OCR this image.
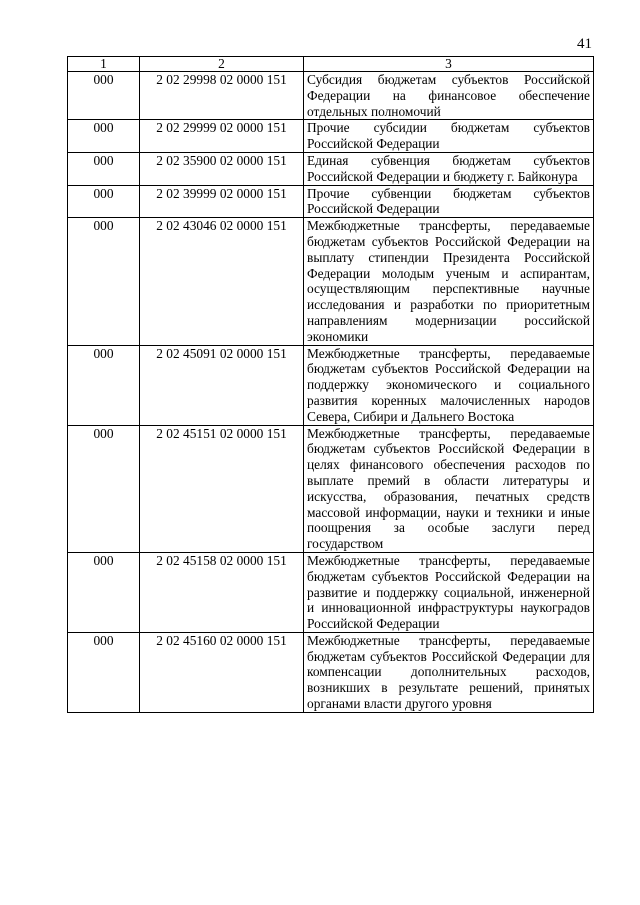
41
1	2	3
000	2 02 29998 02 0000 151	Субсидия бюджетам субъектов Российской Федерации на финансовое обеспечение отдельных полномочий
000	2 02 29999 02 0000 151	Прочие субсидии бюджетам субъектов Российской Федерации
000	2 02 35900 02 0000 151	Единая субвенция бюджетам субъектов Российской Федерации и бюджету г. Байконура
000	2 02 39999 02 0000 151	Прочие субвенции бюджетам субъектов Российской Федерации
000	2 02 43046 02 0000 151	Межбюджетные трансферты, передаваемые бюджетам субъектов Российской Федерации на выплату стипендии Президента Российской Федерации молодым ученым и аспирантам, осуществляющим перспективные научные исследования и разработки по приоритетным направлениям модернизации российской экономики
000	2 02 45091 02 0000 151	Межбюджетные трансферты, передаваемые бюджетам субъектов Российской Федерации на поддержку экономического и социального развития коренных малочисленных народов Севера, Сибири и Дальнего Востока
000	2 02 45151 02 0000 151	Межбюджетные трансферты, передаваемые бюджетам субъектов Российской Федерации в целях финансового обеспечения расходов по выплате премий в области литературы и искусства, образования, печатных средств массовой информации, науки и техники и иные поощрения за особые заслуги перед государством
000	2 02 45158 02 0000 151	Межбюджетные трансферты, передаваемые бюджетам субъектов Российской Федерации на развитие и поддержку социальной, инженерной и инновационной инфраструктуры наукоградов Российской Федерации
000	2 02 45160 02 0000 151	Межбюджетные трансферты, передаваемые бюджетам субъектов Российской Федерации для компенсации дополнительных расходов, возникших в результате решений, принятых органами власти другого уровня
